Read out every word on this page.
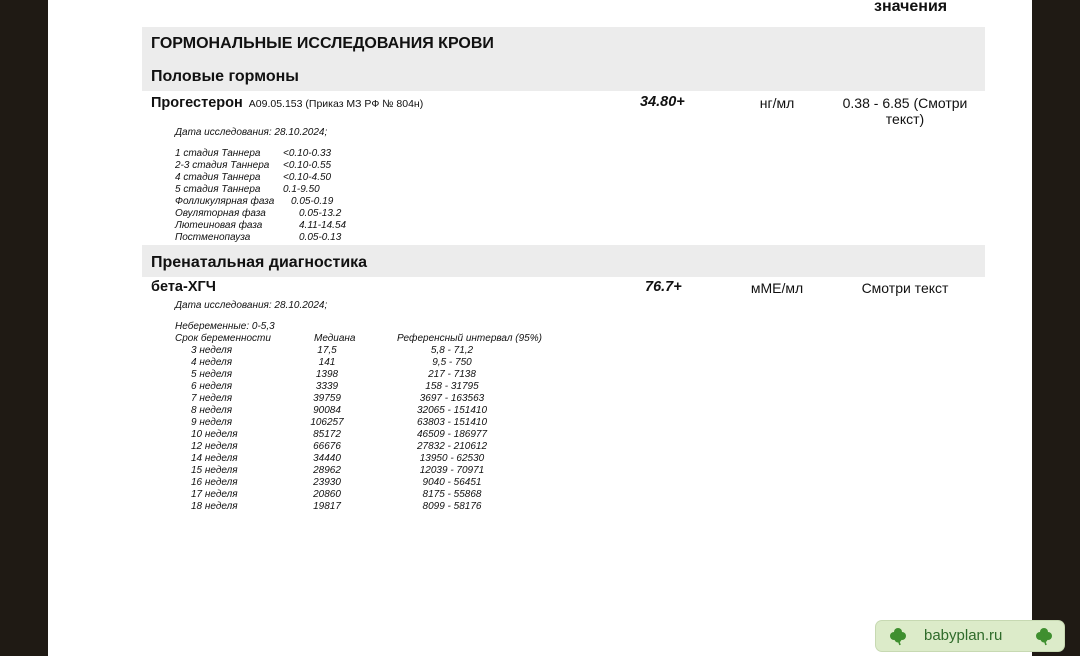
значения
ГОРМОНАЛЬНЫЕ ИССЛЕДОВАНИЯ КРОВИ
Половые гормоны
Прогестерон А09.05.153 (Приказ МЗ РФ № 804н)	34.80+	нг/мл	0.38 - 6.85 (Смотри текст)
Дата исследования: 28.10.2024;
1 стадия Таннера <0.10-0.33
2-3 стадия Таннера <0.10-0.55
4 стадия Таннера <0.10-4.50
5 стадия Таннера 0.1-9.50
Фолликулярная фаза 0.05-0.19
Овуляторная фаза	0.05-13.2
Лютеиновая фаза	4.11-14.54
Постменопауза	0.05-0.13
Пренатальная диагностика
бета-ХГЧ	76.7+	мМЕ/мл	Смотри текст
Дата исследования: 28.10.2024;
Небеременные: 0-5,3
Срок беременности	Медиана	Референсный интервал (95%)
3 неделя	17,5	5,8 - 71,2
4 неделя	141	9,5 - 750
5 неделя	1398	217 - 7138
6 неделя	3339	158 - 31795
7 неделя	39759	3697 - 163563
8 неделя	90084	32065 - 151410
9 неделя	106257	63803 - 151410
10 неделя	85172	46509 - 186977
12 неделя	66676	27832 - 210612
14 неделя	34440	13950 - 62530
15 неделя	28962	12039 - 70971
16 неделя	23930	9040 - 56451
17 неделя	20860	8175 - 55868
18 неделя	19817	8099 - 58176
babyplan.ru
